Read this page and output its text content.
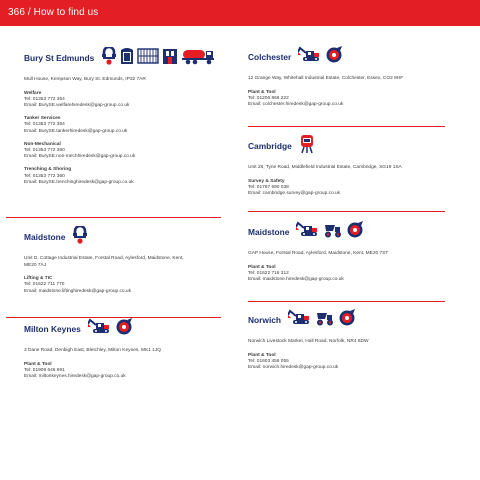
366 / How to find us
Bury St Edmunds
Mull House, Kempson Way, Bury St. Edmunds, IP32 7AR
Welfare
Tel: 01353 772 364
Email: BurySE.welfarehiredesk@gap-group.co.uk
Tanker Services
Tel: 01353 772 364
Email: BurySE.tankerhiredesk@gap-group.co.uk
Non-Mechanical
Tel: 01353 772 360
Email: BurySE.non-mechhiredesk@gap-group.co.uk
Trenching & Shoring
Tel: 01353 772 360
Email: BurySE.trenchinghiredesk@gap-group.co.uk
Maidstone
Unit D, Cottage Industrial Estate, Forstal Road, Aylesford, Maidstone, Kent,
ME20 7AJ
Lifting & TIC
Tel: 01622 711 770
Email: maidstone.liftinghiredesk@gap-group.co.uk
Milton Keynes
3 Dane Road, Denbigh East, Bletchley, Milton Keynes, MK1 1JQ
Plant & Tool
Tel: 01908 646 691
Email: miltonkeynes.hiredesk@gap-group.co.uk
Colchester
12 Grange Way, Whitehall Industrial Estate, Colchester, Essex, CO2 8HF
Plant & Tool
Tel: 01206 866 222
Email: colchester.hiredesk@gap-group.co.uk
Cambridge
Unit 28, Tyne Road, Middlefield Industrial Estate, Cambridge, SG19 1SA
Survey & Safety
Tel: 01767 690 038
Email: cambridge.survey@gap-group.co.uk
Maidstone
GAP House, Forstal Road, Aylesford, Maidstone, Kent, ME20 7ST
Plant & Tool
Tel: 01622 716 312
Email: maidstone.hiredesk@gap-group.co.uk
Norwich
Norwich Livestock Market, Hall Road, Norfolk, NR4 6DW
Plant & Tool
Tel: 01603 456 055
Email: norwich.hiredesk@gap-group.co.uk
